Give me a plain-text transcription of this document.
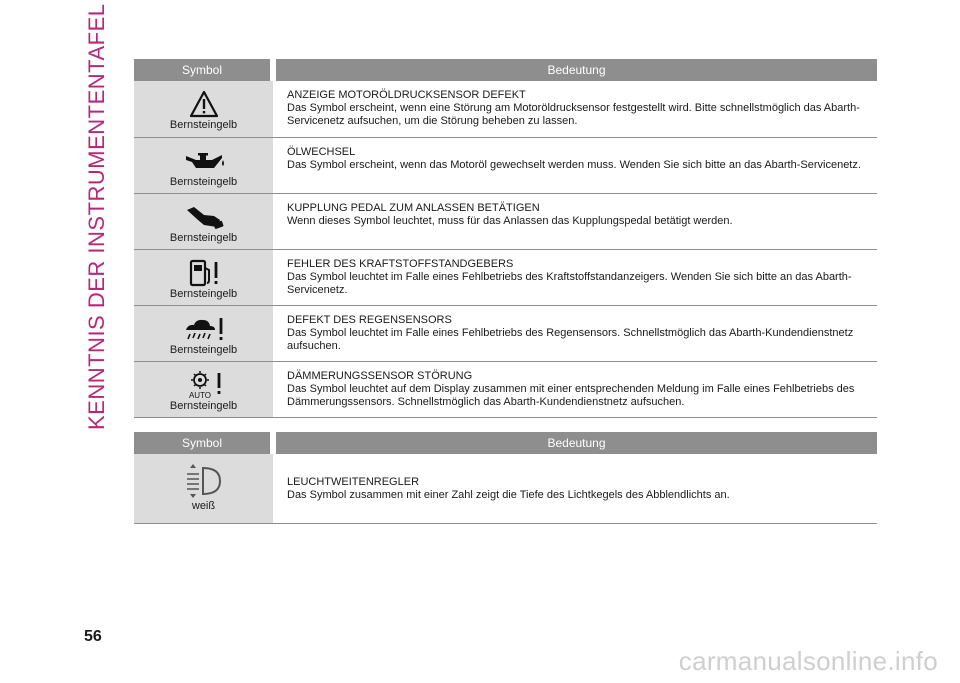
KENNTNIS DER INSTRUMENTENTAFEL	Symbol	Bedeutung

Bernsteingelb	ANZEIGE MOTORÖLDRUCKSENSOR DEFEKT
Das Symbol erscheint, wenn eine Störung am Motoröldrucksensor festgestellt wird. Bitte schnellstmöglich das Abarth-Servicenetz aufsuchen, um die Störung beheben zu lassen.

Bernsteingelb	ÖLWECHSEL
Das Symbol erscheint, wenn das Motoröl gewechselt werden muss. Wenden Sie sich bitte an das Abarth-Servicenetz.

Bernsteingelb	KUPPLUNG PEDAL ZUM ANLASSEN BETÄTIGEN
Wenn dieses Symbol leuchtet, muss für das Anlassen das Kupplungspedal betätigt werden.

Bernsteingelb	FEHLER DES KRAFTSTOFFSTANDGEBERS
Das Symbol leuchtet im Falle eines Fehlbetriebs des Kraftstoffstandanzeigers. Wenden Sie sich bitte an das Abarth-Servicenetz.

Bernsteingelb	DEFEKT DES REGENSENSORS
Das Symbol leuchtet im Falle eines Fehlbetriebs des Regensensors. Schnellstmöglich das Abarth-Kundendienstnetz aufsuchen.

AUTO
Bernsteingelb	DÄMMERUNGSSENSOR STÖRUNG
Das Symbol leuchtet auf dem Display zusammen mit einer entsprechenden Meldung im Falle eines Fehlbetriebs des Dämmerungssensors. Schnellstmöglich das Abarth-Kundendienstnetz aufsuchen.
Symbol	Bedeutung

weiß	LEUCHTWEITENREGLER
Das Symbol zusammen mit einer Zahl zeigt die Tiefe des Lichtkegels des Abblendlichts an.
56
carmanualsonline.info
